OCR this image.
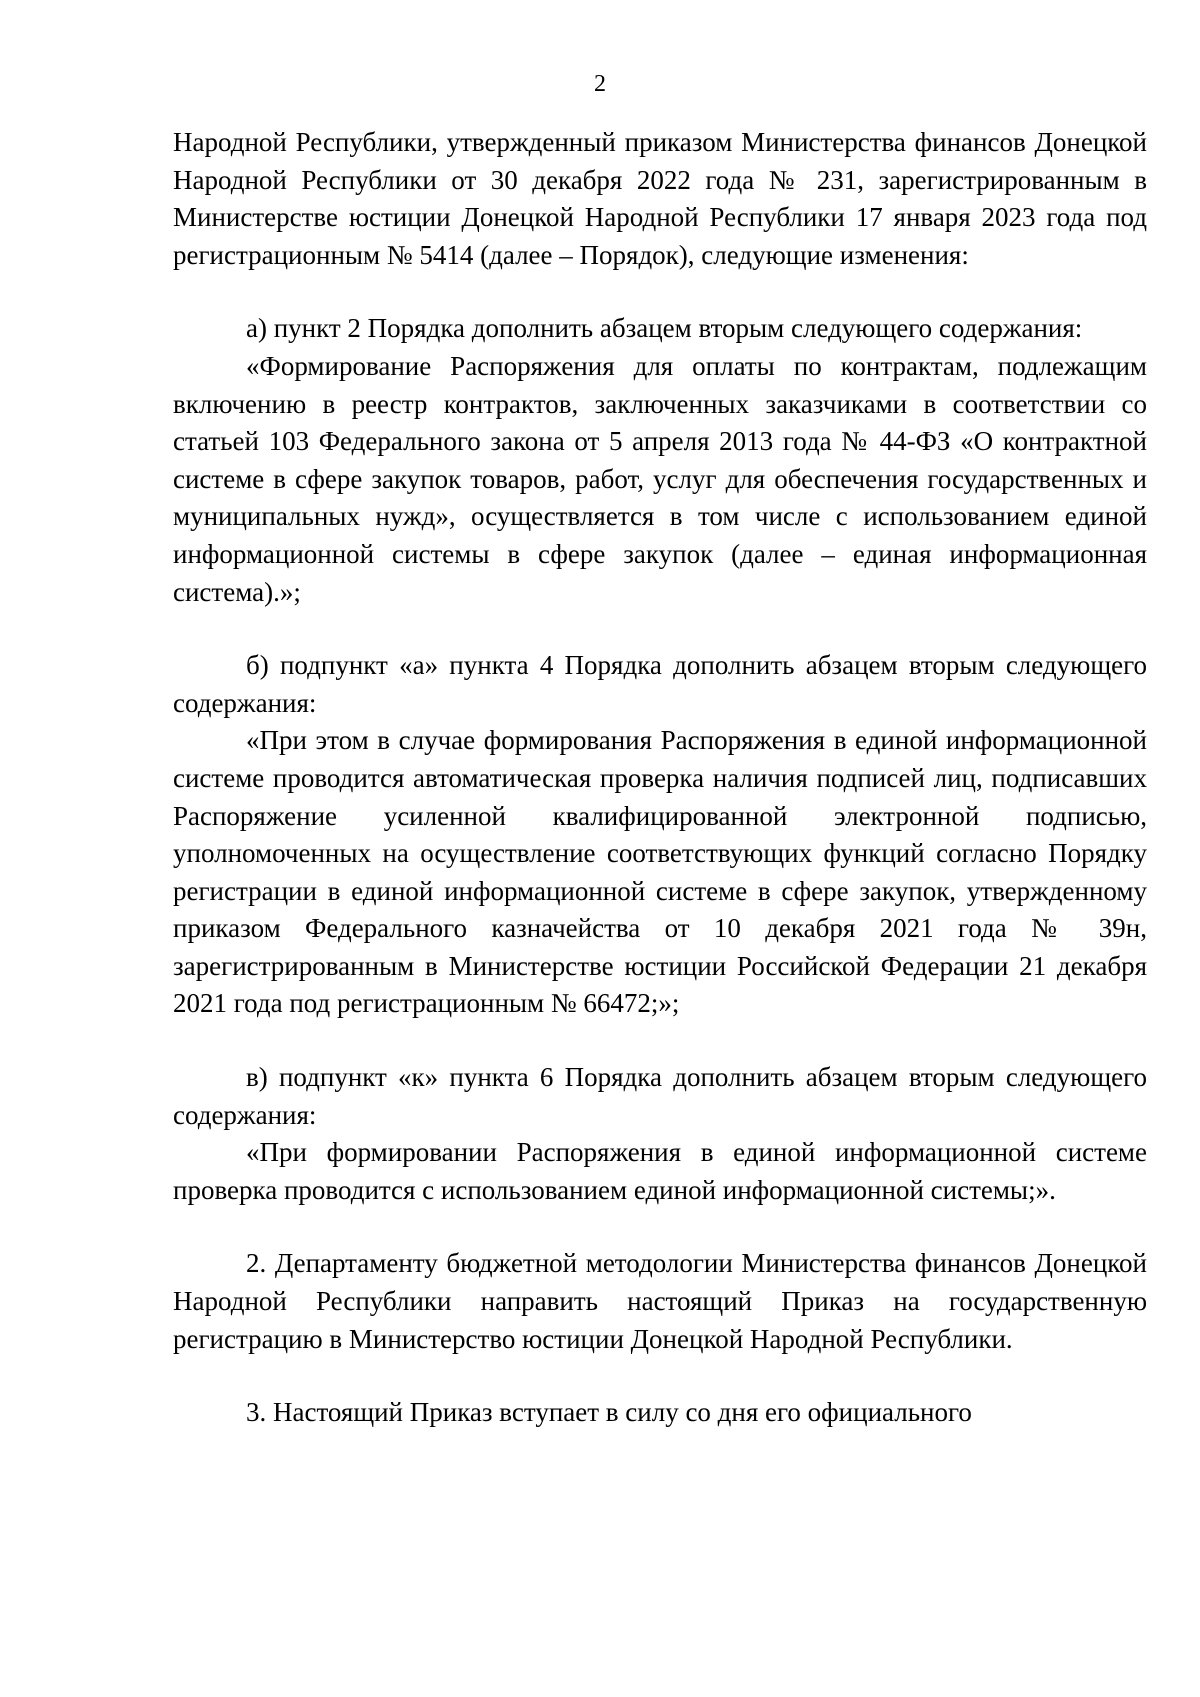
2

Народной Республики, утвержденный приказом Министерства финансов Донецкой Народной Республики от 30 декабря 2022 года № 231, зарегистрированным в Министерстве юстиции Донецкой Народной Республики 17 января 2023 года под регистрационным № 5414 (далее – Порядок), следующие изменения:

а) пункт 2 Порядка дополнить абзацем вторым следующего содержания:

«Формирование Распоряжения для оплаты по контрактам, подлежащим включению в реестр контрактов, заключенных заказчиками в соответствии со статьей 103 Федерального закона от 5 апреля 2013 года № 44-ФЗ «О контрактной системе в сфере закупок товаров, работ, услуг для обеспечения государственных и муниципальных нужд», осуществляется в том числе с использованием единой информационной системы в сфере закупок (далее – единая информационная система).»;

б) подпункт «а» пункта 4 Порядка дополнить абзацем вторым следующего содержания:

«При этом в случае формирования Распоряжения в единой информационной системе проводится автоматическая проверка наличия подписей лиц, подписавших Распоряжение усиленной квалифицированной электронной подписью, уполномоченных на осуществление соответствующих функций согласно Порядку регистрации в единой информационной системе в сфере закупок, утвержденному приказом Федерального казначейства от 10 декабря 2021 года № 39н, зарегистрированным в Министерстве юстиции Российской Федерации 21 декабря 2021 года под регистрационным № 66472;»;

в) подпункт «к» пункта 6 Порядка дополнить абзацем вторым следующего содержания:

«При формировании Распоряжения в единой информационной системе проверка проводится с использованием единой информационной системы;».

2. Департаменту бюджетной методологии Министерства финансов Донецкой Народной Республики направить настоящий Приказ на государственную регистрацию в Министерство юстиции Донецкой Народной Республики.

3. Настоящий Приказ вступает в силу со дня его официального
